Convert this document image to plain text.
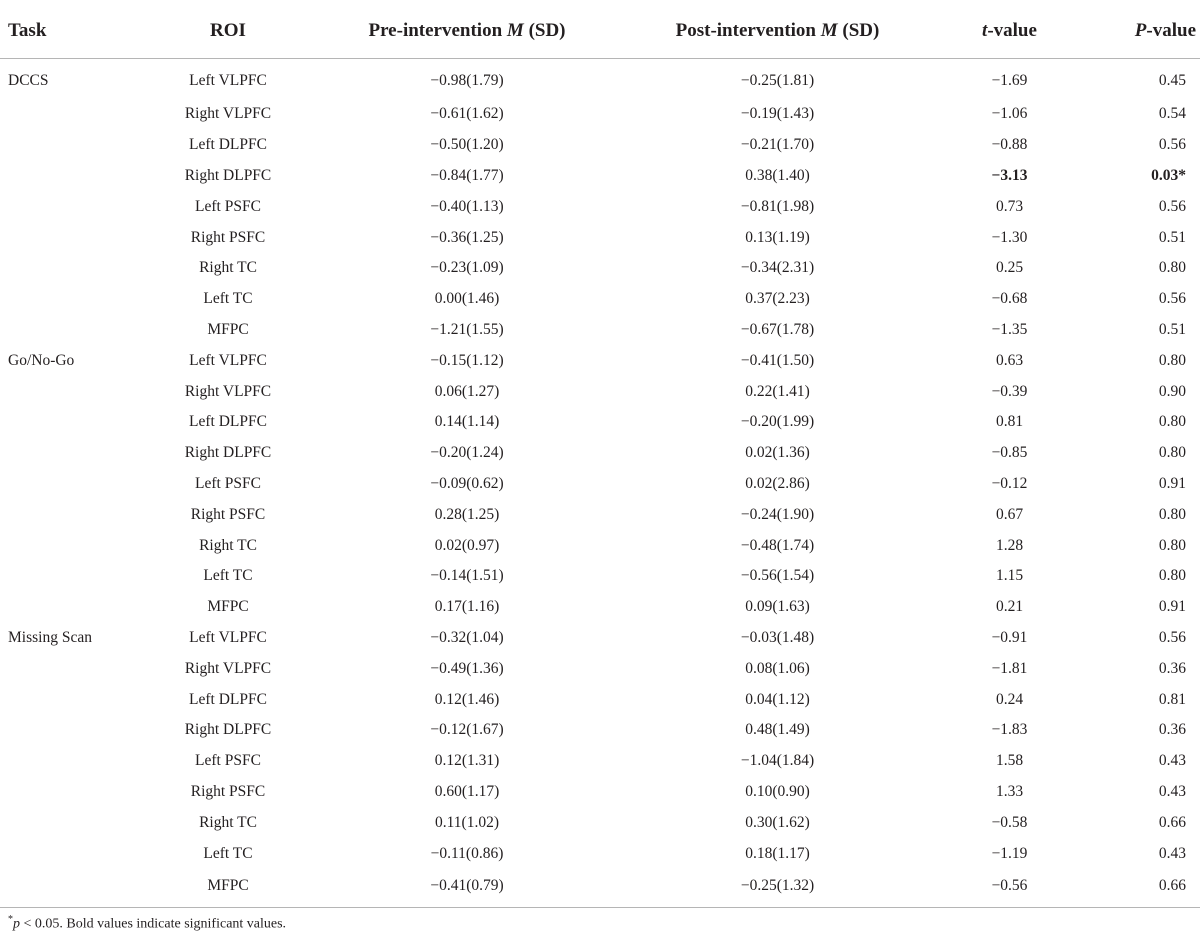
Task	ROI	Pre-intervention M (SD)	Post-intervention M (SD)	t-value	P-value
DCCS	Left VLPFC	−0.98(1.79)	−0.25(1.81)	−1.69	0.45
	Right VLPFC	−0.61(1.62)	−0.19(1.43)	−1.06	0.54
	Left DLPFC	−0.50(1.20)	−0.21(1.70)	−0.88	0.56
	Right DLPFC	−0.84(1.77)	0.38(1.40)	−3.13	0.03*
	Left PSFC	−0.40(1.13)	−0.81(1.98)	0.73	0.56
	Right PSFC	−0.36(1.25)	0.13(1.19)	−1.30	0.51
	Right TC	−0.23(1.09)	−0.34(2.31)	0.25	0.80
	Left TC	0.00(1.46)	0.37(2.23)	−0.68	0.56
	MFPC	−1.21(1.55)	−0.67(1.78)	−1.35	0.51
Go/No-Go	Left VLPFC	−0.15(1.12)	−0.41(1.50)	0.63	0.80
	Right VLPFC	0.06(1.27)	0.22(1.41)	−0.39	0.90
	Left DLPFC	0.14(1.14)	−0.20(1.99)	0.81	0.80
	Right DLPFC	−0.20(1.24)	0.02(1.36)	−0.85	0.80
	Left PSFC	−0.09(0.62)	0.02(2.86)	−0.12	0.91
	Right PSFC	0.28(1.25)	−0.24(1.90)	0.67	0.80
	Right TC	0.02(0.97)	−0.48(1.74)	1.28	0.80
	Left TC	−0.14(1.51)	−0.56(1.54)	1.15	0.80
	MFPC	0.17(1.16)	0.09(1.63)	0.21	0.91
Missing Scan	Left VLPFC	−0.32(1.04)	−0.03(1.48)	−0.91	0.56
	Right VLPFC	−0.49(1.36)	0.08(1.06)	−1.81	0.36
	Left DLPFC	0.12(1.46)	0.04(1.12)	0.24	0.81
	Right DLPFC	−0.12(1.67)	0.48(1.49)	−1.83	0.36
	Left PSFC	0.12(1.31)	−1.04(1.84)	1.58	0.43
	Right PSFC	0.60(1.17)	0.10(0.90)	1.33	0.43
	Right TC	0.11(1.02)	0.30(1.62)	−0.58	0.66
	Left TC	−0.11(0.86)	0.18(1.17)	−1.19	0.43
	MFPC	−0.41(0.79)	−0.25(1.32)	−0.56	0.66
*p < 0.05. Bold values indicate significant values.
